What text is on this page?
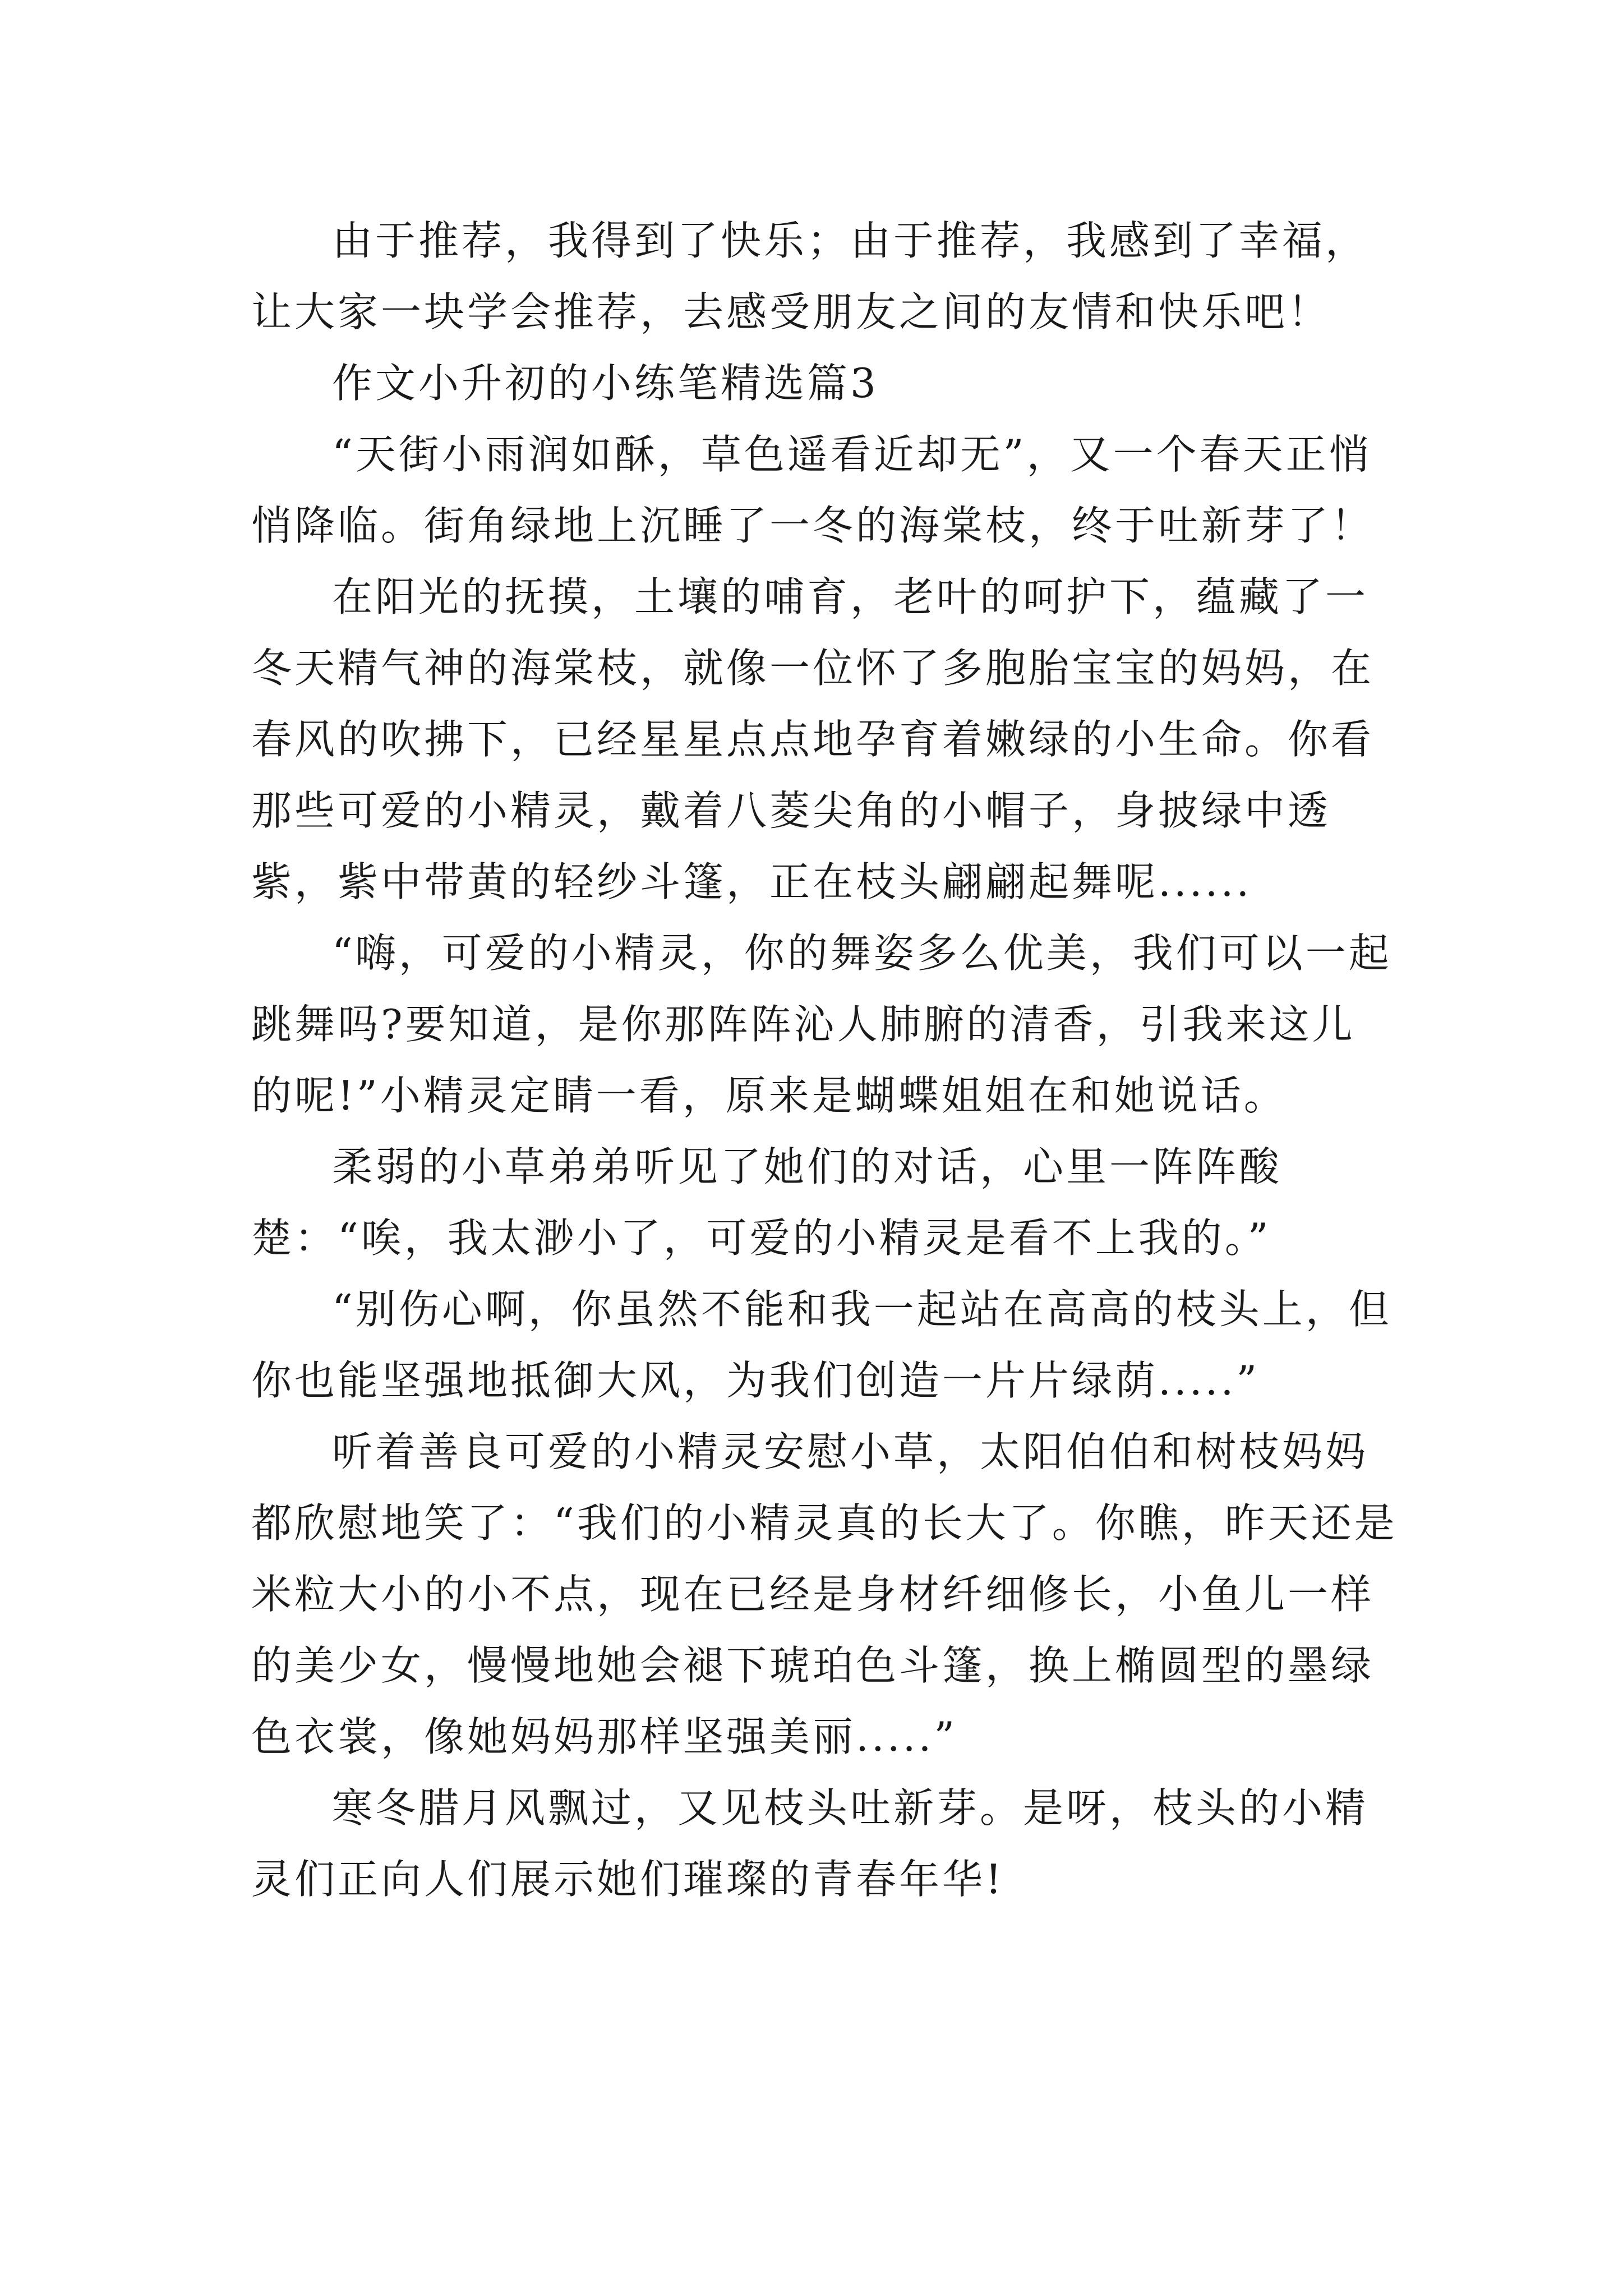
由于推荐，我得到了快乐；由于推荐，我感到了幸福，让大家一块学会推荐，去感受朋友之间的友情和快乐吧！

作文小升初的小练笔精选篇3

“天街小雨润如酥，草色遥看近却无”，又一个春天正悄悄降临。街角绿地上沉睡了一冬的海棠枝，终于吐新芽了！

在阳光的抚摸，土壤的哺育，老叶的呵护下，蕴藏了一冬天精气神的海棠枝，就像一位怀了多胞胎宝宝的妈妈，在春风的吹拂下，已经星星点点地孕育着嫩绿的小生命。你看那些可爱的小精灵，戴着八菱尖角的小帽子，身披绿中透紫，紫中带黄的轻纱斗篷，正在枝头翩翩起舞呢......

“嗨，可爱的小精灵，你的舞姿多么优美，我们可以一起跳舞吗?要知道，是你那阵阵沁人肺腑的清香，引我来这儿的呢!”小精灵定睛一看，原来是蝴蝶姐姐在和她说话。

柔弱的小草弟弟听见了她们的对话，心里一阵阵酸楚：“唉，我太渺小了，可爱的小精灵是看不上我的。”

“别伤心啊，你虽然不能和我一起站在高高的枝头上，但你也能坚强地抵御大风，为我们创造一片片绿荫.....”

听着善良可爱的小精灵安慰小草，太阳伯伯和树枝妈妈都欣慰地笑了：“我们的小精灵真的长大了。你瞧，昨天还是米粒大小的小不点，现在已经是身材纤细修长，小鱼儿一样的美少女，慢慢地她会褪下琥珀色斗篷，换上椭圆型的墨绿色衣裳，像她妈妈那样坚强美丽.....”

寒冬腊月风飘过，又见枝头吐新芽。是呀，枝头的小精灵们正向人们展示她们璀璨的青春年华!
